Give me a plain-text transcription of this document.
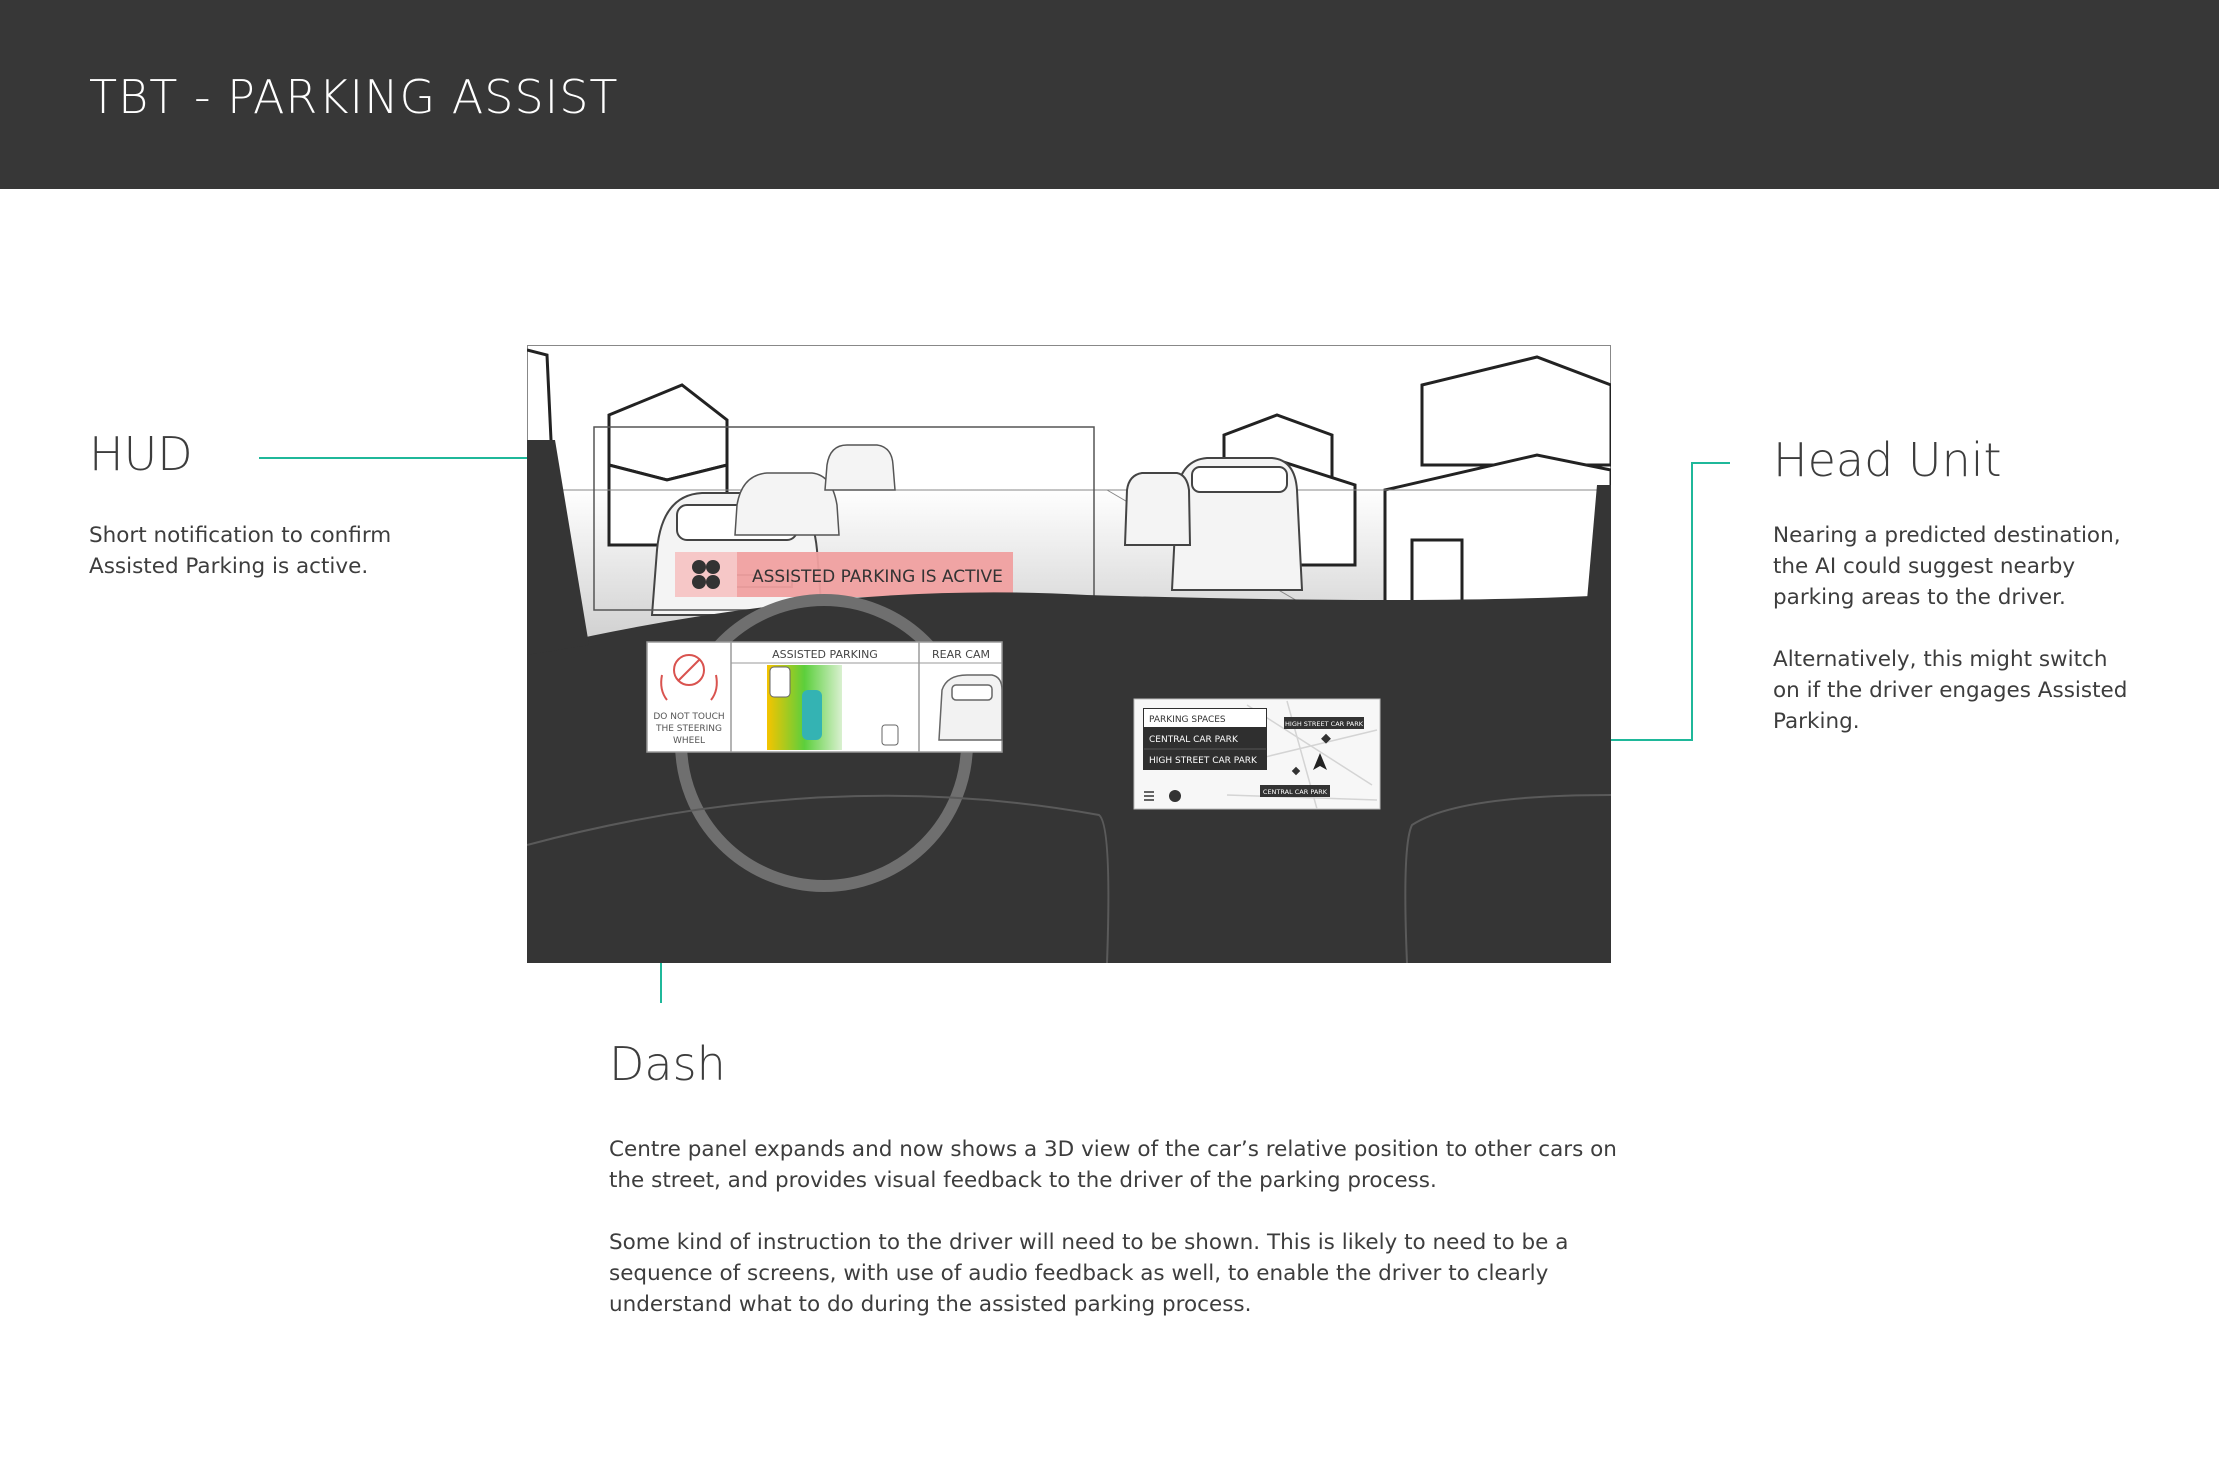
TBT - PARKING ASSIST
HUD
Short notification to confirm
Assisted Parking is active.
Head Unit
Nearing a predicted destination,
the AI could suggest nearby
parking areas to the driver.

Alternatively, this might switch
on if the driver engages Assisted
Parking.
Dash
Centre panel expands and now shows a 3D view of the car’s relative position to other cars on
the street, and provides visual feedback to the driver of the parking process.

Some kind of instruction to the driver will need to be shown. This is likely to need to be a
sequence of screens, with use of audio feedback as well, to enable the driver to clearly
understand what to do during the assisted parking process.
ASSISTED PARKING IS ACTIVE
DO NOT TOUCH
THE STEERING
WHEEL
ASSISTED PARKING	REAR CAM
PARKING SPACES
CENTRAL CAR PARK
HIGH STREET CAR PARK
HIGH STREET CAR PARK
CENTRAL CAR PARK
